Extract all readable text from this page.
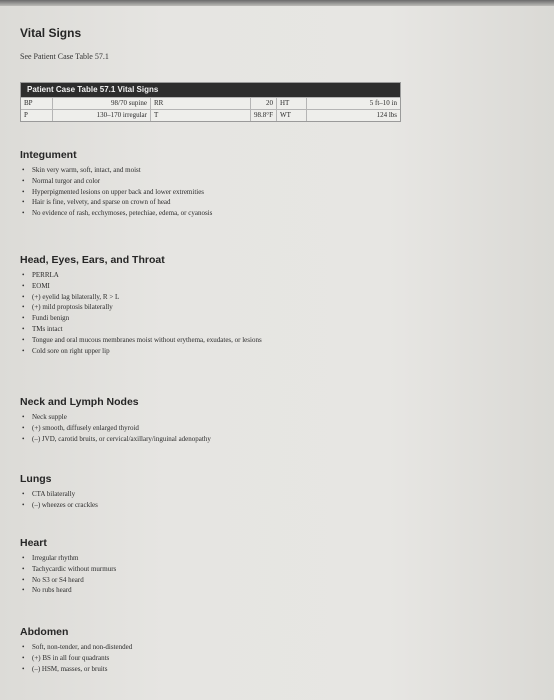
Vital Signs
See Patient Case Table 57.1
Patient Case Table 57.1 Vital Signs
BP	98/70 supine	RR	20	HT	5 ft–10 in
P	130–170 irregular	T	98.8°F	WT	124 lbs
Integument
• Skin very warm, soft, intact, and moist
• Normal turgor and color
• Hyperpigmented lesions on upper back and lower extremities
• Hair is fine, velvety, and sparse on crown of head
• No evidence of rash, ecchymoses, petechiae, edema, or cyanosis
Head, Eyes, Ears, and Throat
• PERRLA
• EOMI
• (+) eyelid lag bilaterally, R > L
• (+) mild proptosis bilaterally
• Fundi benign
• TMs intact
• Tongue and oral mucous membranes moist without erythema, exudates, or lesions
• Cold sore on right upper lip
Neck and Lymph Nodes
• Neck supple
• (+) smooth, diffusely enlarged thyroid
• (–) JVD, carotid bruits, or cervical/axillary/inguinal adenopathy
Lungs
• CTA bilaterally
• (–) wheezes or crackles
Heart
• Irregular rhythm
• Tachycardic without murmurs
• No S3 or S4 heard
• No rubs heard
Abdomen
• Soft, non-tender, and non-distended
• (+) BS in all four quadrants
• (–) HSM, masses, or bruits
